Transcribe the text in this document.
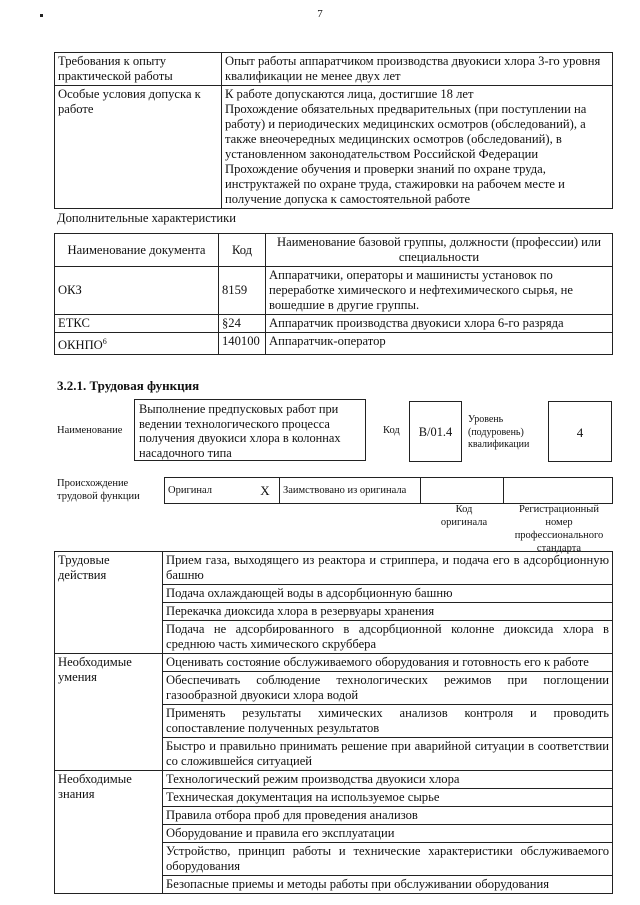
7
Требования к опыту практической работы	Опыт работы аппаратчиком производства двуокиси хлора 3-го уровня квалификации не менее двух лет

Особые условия допуска к работе	К работе допускаются лица, достигшие 18 лет

Прохождение обязательных предварительных (при поступлении на работу) и периодических медицинских осмотров (обследований), а также внеочередных медицинских осмотров (обследований), в установленном законодательством Российской Федерации

Прохождение обучения и проверки знаний по охране труда, инструктажей по охране труда, стажировки на рабочем месте и получение допуска к самостоятельной работе

Дополнительные характеристики
Наименование документа	Код	Наименование базовой группы, должности (профессии) или специальности
ОКЗ	8159	Аппаратчики, операторы и машинисты установок по переработке химического и нефтехимического сырья, не вошедшие в другие группы.
ЕТКС	§24	Аппаратчик производства двуокиси хлора 6-го разряда
ОКНПО$^6$	140100	Аппаратчик-оператор
3.2.1. Трудовая функция
Наименование
Выполнение предпусковых работ при ведении технологического процесса получения двуокиси хлора в колоннах насадочного типа
Код	B/01.4
Уровень (подуровень) квалификации
4
Происхождение трудовой функции	Оригинал	X	Заимствовано из оригинала		
Код оригинала
Регистрационный номер профессионального стандарта
Трудовые действия	Прием газа, выходящего из реактора и стриппера, и подача его в адсорбционную башню
	Подача охлаждающей воды в адсорбционную башню
	Перекачка диоксида хлора в резервуары хранения
	Подача не адсорбированного в адсорбционной колонне диоксида хлора в среднюю часть химического скруббера
Необходимые умения	Оценивать состояние обслуживаемого оборудования и готовность его к работе
	Обеспечивать соблюдение технологических режимов при поглощении газообразной двуокиси хлора водой
	Применять результаты химических анализов контроля и проводить сопоставление полученных результатов
	Быстро и правильно принимать решение при аварийной ситуации в соответствии со сложившейся ситуацией
Необходимые знания	Технологический режим производства двуокиси хлора
	Техническая документация на используемое сырье
	Правила отбора проб для проведения анализов
	Оборудование и правила его эксплуатации
	Устройство, принцип работы и технические характеристики обслуживаемого оборудования
	Безопасные приемы и методы работы при обслуживании оборудования
